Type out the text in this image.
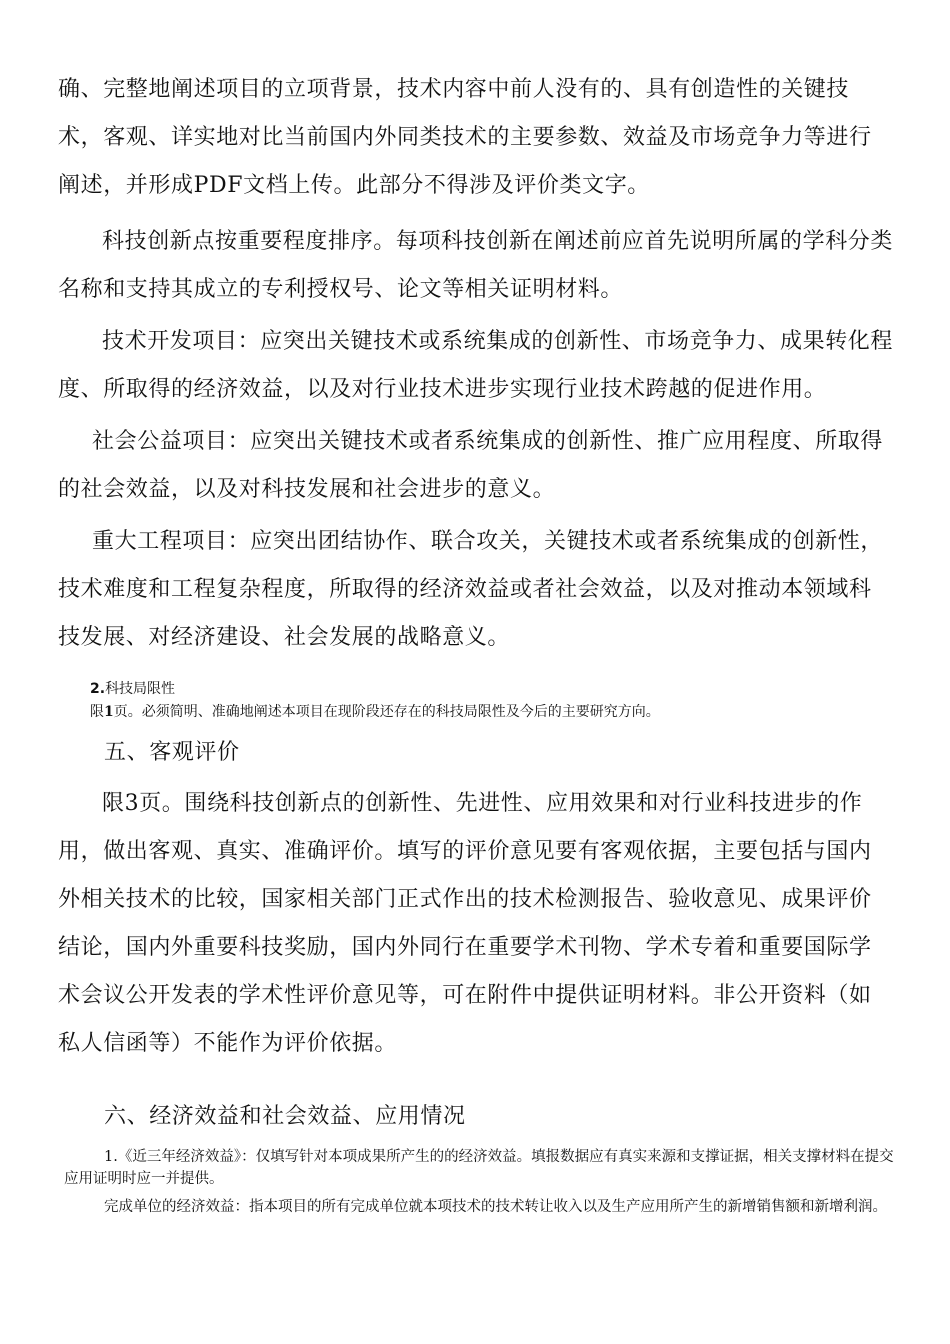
确、完整地阐述项目的立项背景，技术内容中前人没有的、具有创造性的关键技术，客观、详实地对比当前国内外同类技术的主要参数、效益及市场竞争力等进行阐述，并形成PDF文档上传。此部分不得涉及评价类文字。

科技创新点按重要程度排序。每项科技创新在阐述前应首先说明所属的学科分类名称和支持其成立的专利授权号、论文等相关证明材料。

技术开发项目：应突出关键技术或系统集成的创新性、市场竞争力、成果转化程度、所取得的经济效益，以及对行业技术进步实现行业技术跨越的促进作用。

社会公益项目：应突出关键技术或者系统集成的创新性、推广应用程度、所取得的社会效益，以及对科技发展和社会进步的意义。

重大工程项目：应突出团结协作、联合攻关，关键技术或者系统集成的创新性，技术难度和工程复杂程度，所取得的经济效益或者社会效益，以及对推动本领域科技发展、对经济建设、社会发展的战略意义。

2.科技局限性

限1页。必须简明、准确地阐述本项目在现阶段还存在的科技局限性及今后的主要研究方向。

五、客观评价

限3页。围绕科技创新点的创新性、先进性、应用效果和对行业科技进步的作用，做出客观、真实、准确评价。填写的评价意见要有客观依据，主要包括与国内外相关技术的比较，国家相关部门正式作出的技术检测报告、验收意见、成果评价结论，国内外重要科技奖励，国内外同行在重要学术刊物、学术专着和重要国际学术会议公开发表的学术性评价意见等，可在附件中提供证明材料。非公开资料（如私人信函等）不能作为评价依据。

六、经济效益和社会效益、应用情况

1.《近三年经济效益》：仅填写针对本项成果所产生的的经济效益。填报数据应有真实来源和支撑证据，相关支撑材料在提交应用证明时应一并提供。

完成单位的经济效益：指本项目的所有完成单位就本项技术的技术转让收入以及生产应用所产生的新增销售额和新增利润。
